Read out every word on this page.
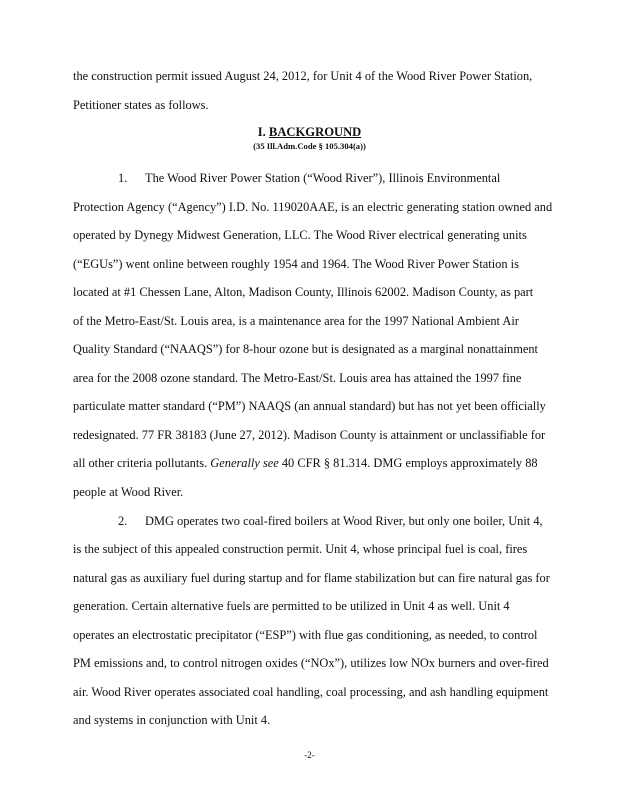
the construction permit issued August 24, 2012, for Unit 4 of the Wood River Power Station,
Petitioner states as follows.
I. BACKGROUND
(35 Ill.Adm.Code § 105.304(a))
1. The Wood River Power Station (“Wood River”), Illinois Environmental
Protection Agency (“Agency”) I.D. No. 119020AAE, is an electric generating station owned and
operated by Dynegy Midwest Generation, LLC. The Wood River electrical generating units
(“EGUs”) went online between roughly 1954 and 1964. The Wood River Power Station is
located at #1 Chessen Lane, Alton, Madison County, Illinois 62002. Madison County, as part
of the Metro-East/St. Louis area, is a maintenance area for the 1997 National Ambient Air
Quality Standard (“NAAQS”) for 8-hour ozone but is designated as a marginal nonattainment
area for the 2008 ozone standard. The Metro-East/St. Louis area has attained the 1997 fine
particulate matter standard (“PM”) NAAQS (an annual standard) but has not yet been officially
redesignated. 77 FR 38183 (June 27, 2012). Madison County is attainment or unclassifiable for
all other criteria pollutants. Generally see 40 CFR § 81.314. DMG employs approximately 88
people at Wood River.
2. DMG operates two coal-fired boilers at Wood River, but only one boiler, Unit 4,
is the subject of this appealed construction permit. Unit 4, whose principal fuel is coal, fires
natural gas as auxiliary fuel during startup and for flame stabilization but can fire natural gas for
generation. Certain alternative fuels are permitted to be utilized in Unit 4 as well. Unit 4
operates an electrostatic precipitator (“ESP”) with flue gas conditioning, as needed, to control
PM emissions and, to control nitrogen oxides (“NOx”), utilizes low NOx burners and over-fired
air. Wood River operates associated coal handling, coal processing, and ash handling equipment
and systems in conjunction with Unit 4.
-2-
